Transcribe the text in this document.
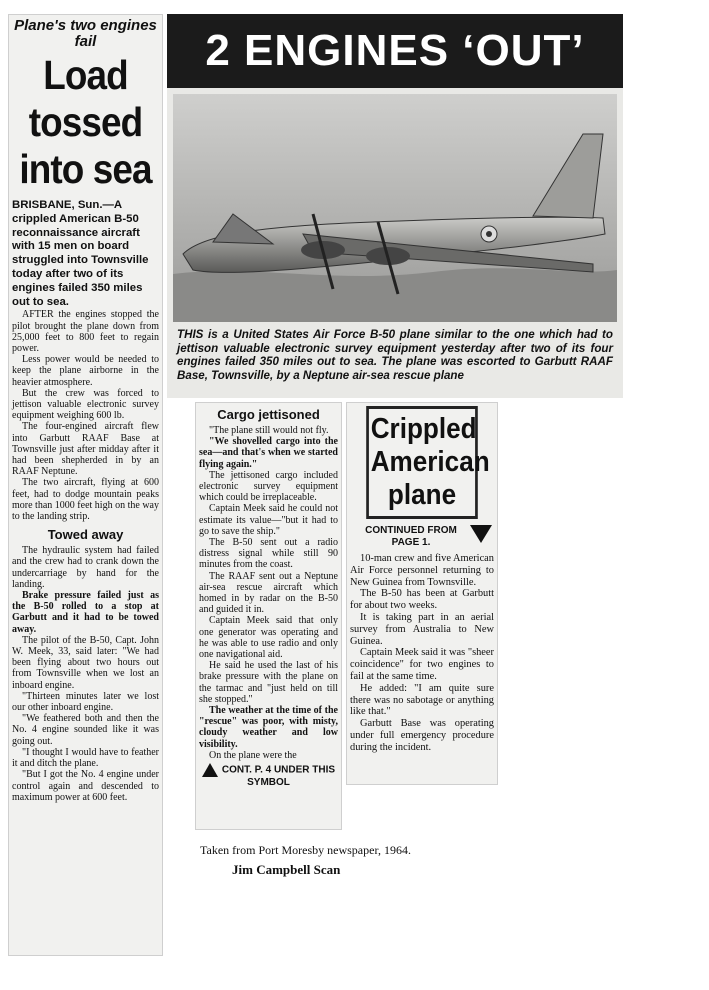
Plane's two engines fail
Load tossed into sea

BRISBANE, Sun.—A crippled American B-50 reconnaissance aircraft with 15 men on board struggled into Townsville today after two of its engines failed 350 miles out to sea.

AFTER the engines stopped the pilot brought the plane down from 25,000 feet to 800 feet to regain power.

Less power would be needed to keep the plane airborne in the heavier atmosphere.

But the crew was forced to jettison valuable electronic survey equipment weighing 600 lb.

The four-engined aircraft flew into Garbutt RAAF Base at Townsville just after midday after it had been shepherded in by an RAAF Neptune.

The two aircraft, flying at 600 feet, had to dodge mountain peaks more than 1000 feet high on the way to the landing strip.

Towed away

The hydraulic system had failed and the crew had to crank down the undercarriage by hand for the landing.

Brake pressure failed just as the B-50 rolled to a stop at Garbutt and it had to be towed away.

The pilot of the B-50, Capt. John W. Meek, 33, said later: "We had been flying about two hours out from Townsville when we lost an inboard engine.

"Thirteen minutes later we lost our other inboard engine.

"We feathered both and then the No. 4 engine sounded like it was going out.

"I thought I would have to feather it and ditch the plane.

"But I got the No. 4 engine under control again and descended to maximum power at 600 feet.

2 ENGINES ‘OUT’
THIS is a United States Air Force B-50 plane similar to the one which had to jettison valuable electronic survey equipment yesterday after two of its four engines failed 350 miles out to sea. The plane was escorted to Garbutt RAAF Base, Townsville, by a Neptune air-sea rescue plane
Cargo jettisoned

"The plane still would not fly.

"We shovelled cargo into the sea—and that's when we started flying again."

The jettisoned cargo included electronic survey equipment which could be irreplaceable.

Captain Meek said he could not estimate its value—"but it had to go to save the ship."

The B-50 sent out a radio distress signal while still 90 minutes from the coast.

The RAAF sent out a Neptune air-sea rescue aircraft which homed in by radar on the B-50 and guided it in.

Captain Meek said that only one generator was operating and he was able to use radio and only one navigational aid.

He said he used the last of his brake pressure with the plane on the tarmac and "just held on till she stopped."

The weather at the time of the "rescue" was poor, with misty, cloudy weather and low visibility.

On the plane were the

CONT. P. 4 UNDER THIS SYMBOL
Crippled American plane
CONTINUED FROM PAGE 1.

10-man crew and five American Air Force personnel returning to New Guinea from Townsville.

The B-50 has been at Garbutt for about two weeks.

It is taking part in an aerial survey from Australia to New Guinea.

Captain Meek said it was "sheer coincidence" for two engines to fail at the same time.

He added: "I am quite sure there was no sabotage or anything like that."

Garbutt Base was operating under full emergency procedure during the incident.

Taken from Port Moresby newspaper, 1964.
Jim Campbell Scan
